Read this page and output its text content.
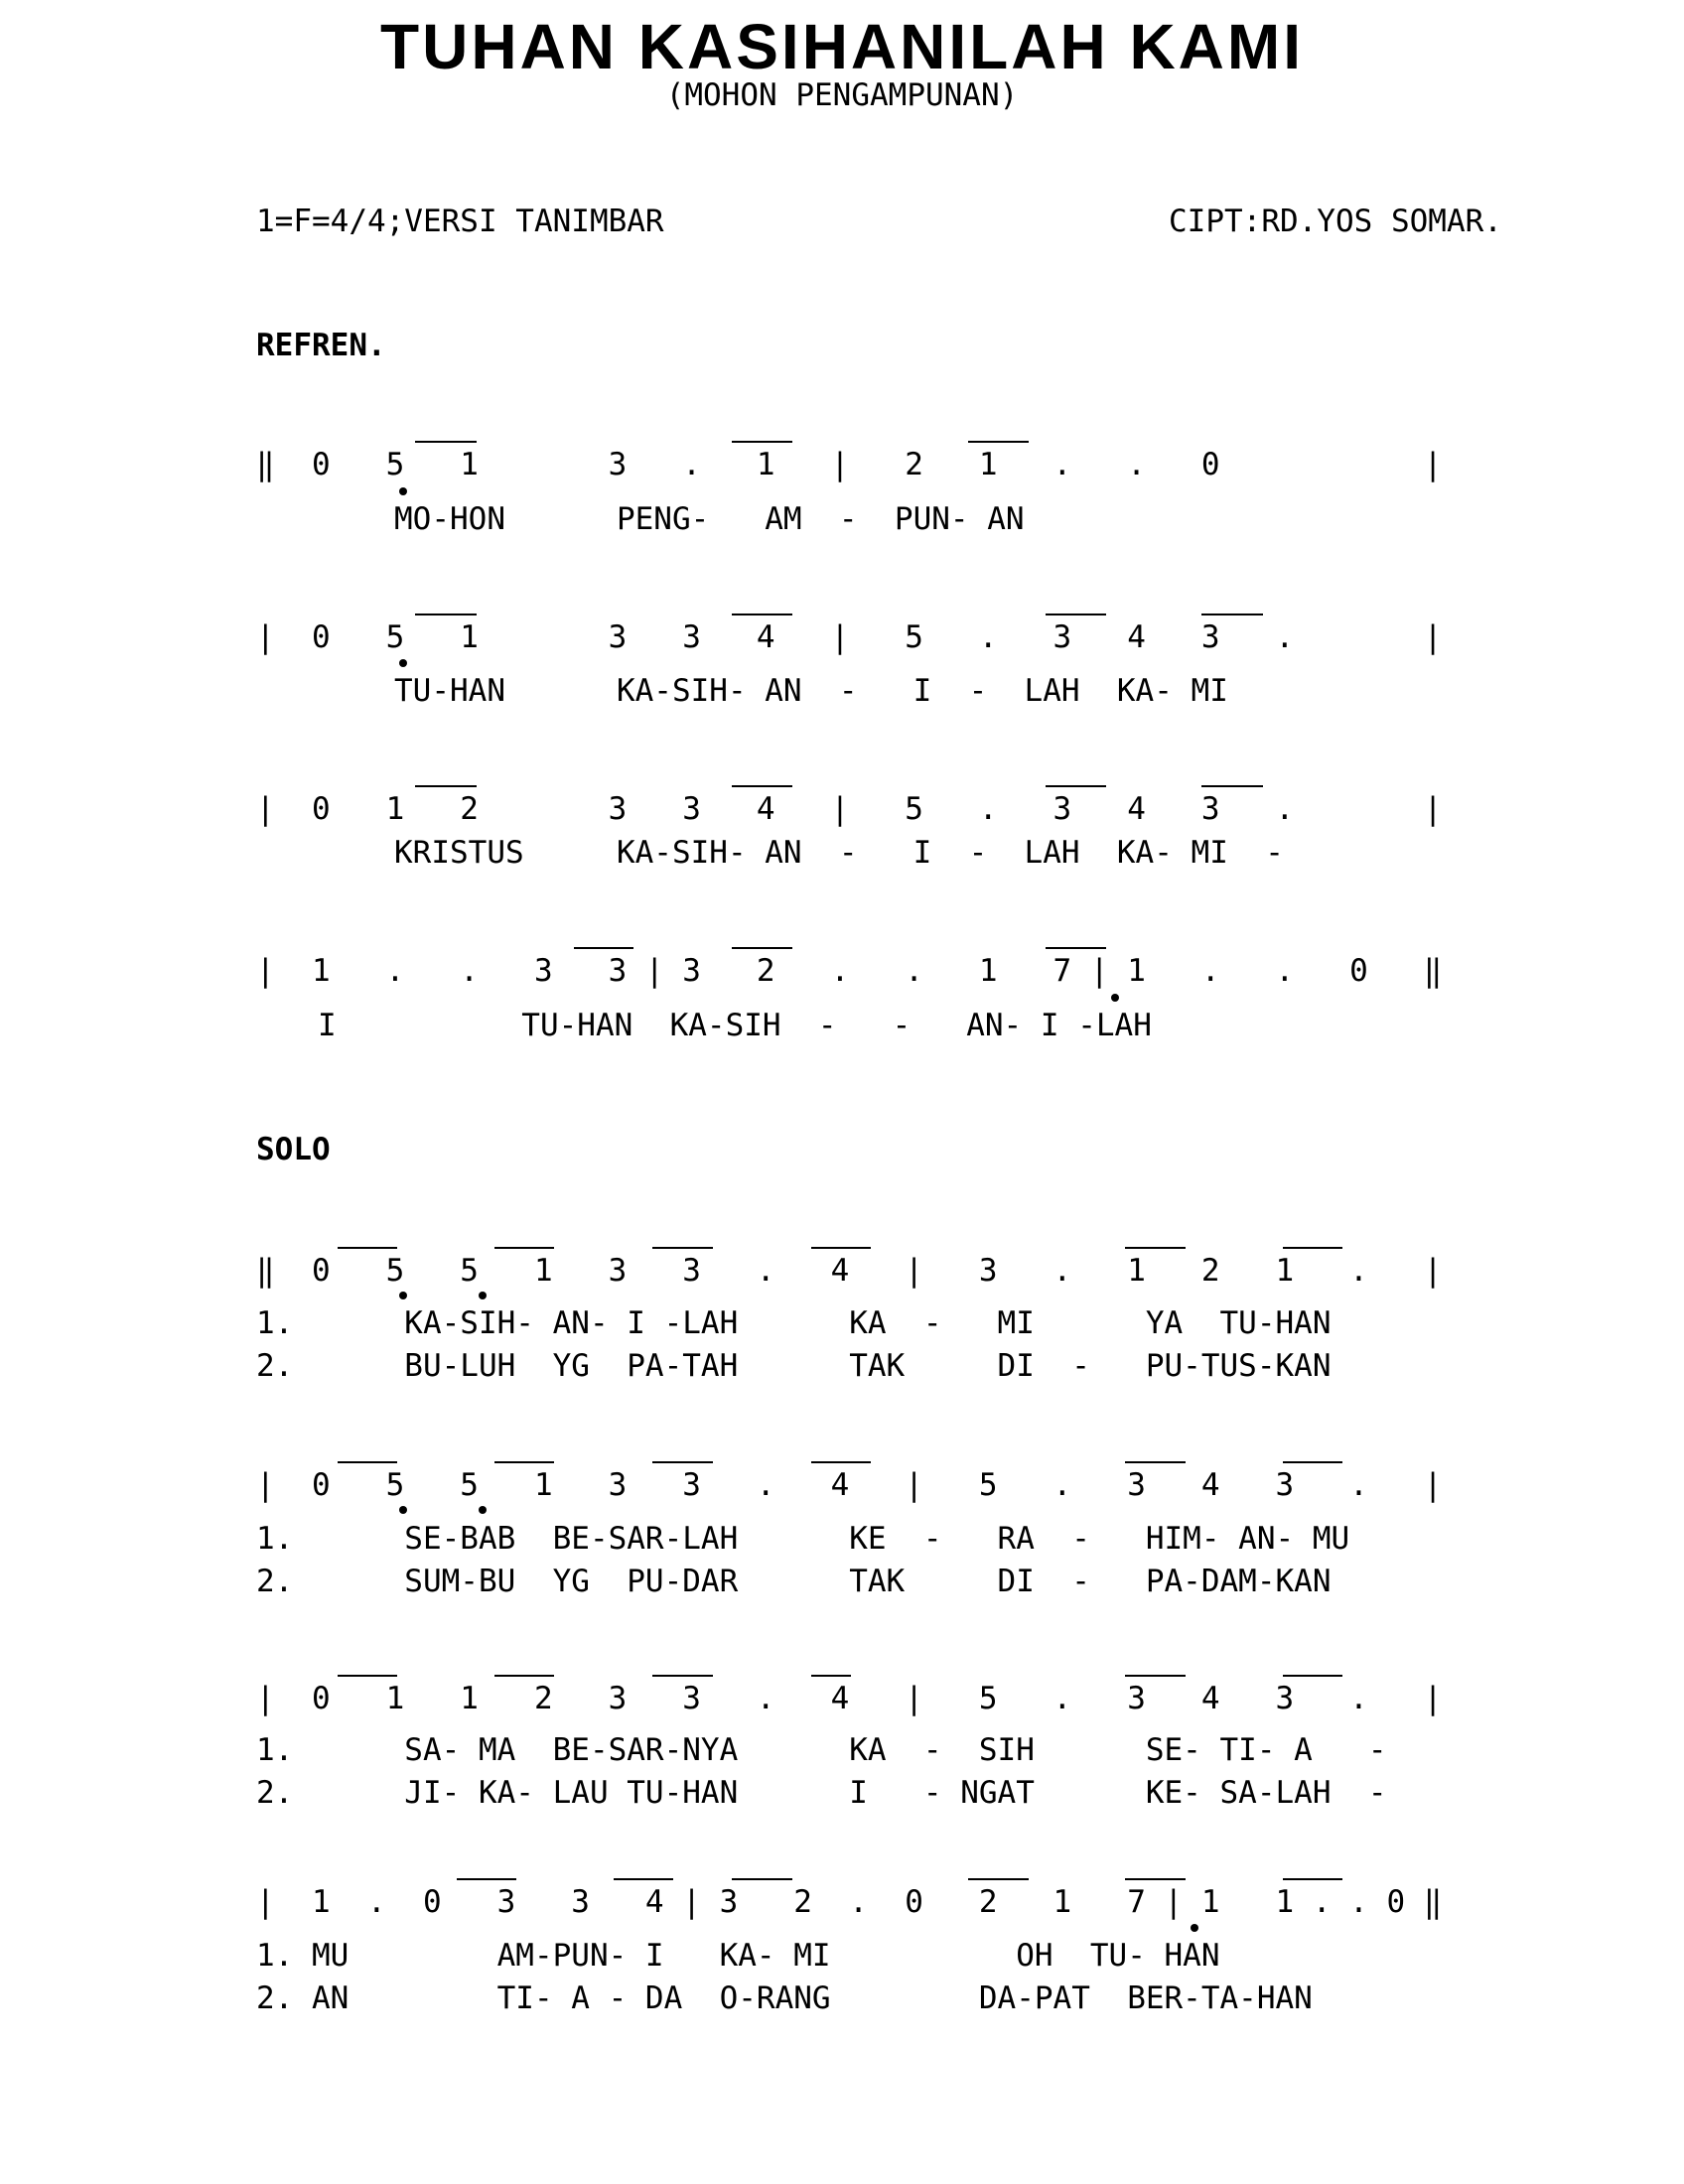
TUHAN KASIHANILAH KAMI
(MOHON PENGAMPUNAN)
1=F=4/4;VERSI TANIMBAR	CIPT:RD.YOS SOMAR.
REFREN.
‖  0   5   1       3   .   1   |   2   1   .   .   0           |
MO-HON      PENG-   AM  -  PUN- AN
|  0   5   1       3   3   4   |   5   .   3   4   3   .       |
TU-HAN      KA-SIH- AN  -   I  -  LAH  KA- MI
|  0   1   2       3   3   4   |   5   .   3   4   3   .       |
KRISTUS     KA-SIH- AN  -   I  -  LAH  KA- MI  -
|  1   .   .   3   3 | 3   2   .   .   1   7 | 1   .   .   0   ‖
I          TU-HAN  KA-SIH  -   -   AN- I -LAH
SOLO
‖  0   5   5   1   3   3   .   4   |   3   .   1   2   1   .   |
1.      KA-SIH- AN- I -LAH      KA  -   MI      YA  TU-HAN
2.      BU-LUH  YG  PA-TAH      TAK     DI  -   PU-TUS-KAN
|  0   5   5   1   3   3   .   4   |   5   .   3   4   3   .   |
1.      SE-BAB  BE-SAR-LAH      KE  -   RA  -   HIM- AN- MU
2.      SUM-BU  YG  PU-DAR      TAK     DI  -   PA-DAM-KAN
|  0   1   1   2   3   3   .   4   |   5   .   3   4   3   .   |
1.      SA- MA  BE-SAR-NYA      KA  -  SIH      SE- TI- A   -
2.      JI- KA- LAU TU-HAN      I   - NGAT      KE- SA-LAH  -
|  1  .  0   3   3   4 | 3   2  .  0   2   1   7 | 1   1 . . 0 ‖
1. MU        AM-PUN- I   KA- MI          OH  TU- HAN
2. AN        TI- A - DA  O-RANG        DA-PAT  BER-TA-HAN
